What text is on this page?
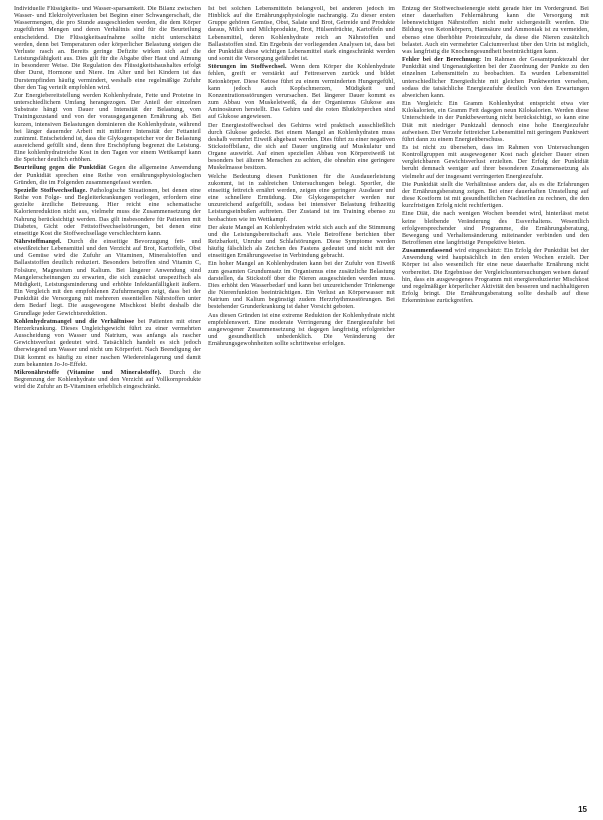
Individuelle Flüssigkeits- und Wasser-sparsamkeit. Die Bilanz zwischen Wasser- und Elektrolytverlusten bei Beginn einer Schwangerschaft, die Wassermengen, die pro Stunde ausgeschieden werden, die dem Körper zugeführten Mengen und deren Verhältnis sind für die Beurteilung entscheidend. Die Flüssigkeitsaufnahme sollte nicht unterschätzt werden, denn bei Temperaturen oder körperlicher Belastung steigen die Verluste rasch an. Bereits geringe Defizite wirken sich auf die Leistungsfähigkeit aus. Dies gilt für die Abgabe über Haut und Atmung in besonderer Weise. Die Regulation des Flüssigkeitshaushaltes erfolgt über Durst, Hormone und Niere. Im Alter und bei Kindern ist das Durstempfinden häufig vermindert, weshalb eine regelmäßige Zufuhr über den Tag verteilt empfohlen wird.

Zur Energiebereitstellung werden Kohlenhydrate, Fette und Proteine in unterschiedlichem Umfang herangezogen. Der Anteil der einzelnen Substrate hängt von Dauer und Intensität der Belastung, vom Trainingszustand und von der vorausgegangenen Ernährung ab. Bei kurzen, intensiven Belastungen dominieren die Kohlenhydrate, während bei länger dauernder Arbeit mit mittlerer Intensität der Fettanteil zunimmt. Entscheidend ist, dass die Glykogenspeicher vor der Belastung ausreichend gefüllt sind, denn ihre Erschöpfung begrenzt die Leistung. Eine kohlenhydratreiche Kost in den Tagen vor einem Wettkampf kann die Speicher deutlich erhöhen.

Beurteilung gegen die Punktdiät Gegen die allgemeine Anwendung der Punktdiät sprechen eine Reihe von ernährungsphysiologischen Gründen, die im Folgenden zusammengefasst werden.

Spezielle Stoffwechsellage. Pathologische Situationen, bei denen eine Reihe von Folge- und Begleiterkrankungen vorliegen, erfordern eine gezielte ärztliche Betreuung. Hier reicht eine schematische Kalorienreduktion nicht aus, vielmehr muss die Zusammensetzung der Nahrung berücksichtigt werden. Das gilt insbesondere für Patienten mit Diabetes, Gicht oder Fettstoffwechselstörungen, bei denen eine einseitige Kost die Stoffwechsellage verschlechtern kann.

Nährstoffmangel. Durch die einseitige Bevorzugung fett- und eiweißreicher Lebensmittel und den Verzicht auf Brot, Kartoffeln, Obst und Gemüse wird die Zufuhr an Vitaminen, Mineralstoffen und Ballaststoffen deutlich reduziert. Besonders betroffen sind Vitamin C, Folsäure, Magnesium und Kalium. Bei längerer Anwendung sind Mangelerscheinungen zu erwarten, die sich zunächst unspezifisch als Müdigkeit, Leistungsminderung und erhöhte Infektanfälligkeit äußern. Ein Vergleich mit den empfohlenen Zufuhrmengen zeigt, dass bei der Punktdiät die Versorgung mit mehreren essentiellen Nährstoffen unter dem Bedarf liegt. Die ausgewogene Mischkost bleibt deshalb die Grundlage jeder Gewichtsreduktion.

Kohlenhydratmangel und die Verhältnisse bei Patienten mit einer Herzerkrankung. Dieses Ungleichgewicht führt zu einer vermehrten Ausscheidung von Wasser und Natrium, was anfangs als rascher Gewichtsverlust gedeutet wird. Tatsächlich handelt es sich jedoch überwiegend um Wasser und nicht um Körperfett. Nach Beendigung der Diät kommt es häufig zu einer raschen Wiedereinlagerung und damit zum bekannten Jo-Jo-Effekt.

Mikronährstoffe (Vitamine und Mineralstoffe). Durch die Begrenzung der Kohlenhydrate und den Verzicht auf Vollkornprodukte wird die Zufuhr an B-Vitaminen erheblich eingeschränkt.

Ist bei solchen Lebensmitteln belangvoll, bei anderen jedoch im Hinblick auf die Ernährungsphysiologie nachrangig. Zu dieser ersten Gruppe gehören Gemüse, Obst, Salate und Brot, Getreide und Produkte daraus, Milch und Milchprodukte, Brot, Hülsenfrüchte, Kartoffeln und Lebensmittel, deren Kohlenhydrate reich an Nährstoffen und Ballaststoffen sind. Ein Ergebnis der vorliegenden Analysen ist, dass bei der Punktdiät diese wichtigen Lebensmittel stark eingeschränkt werden und somit die Versorgung gefährdet ist.

Störungen im Stoffwechsel. Wenn dem Körper die Kohlenhydrate fehlen, greift er verstärkt auf Fettreserven zurück und bildet Ketonkörper. Diese Ketose führt zu einem verminderten Hungergefühl, kann jedoch auch Kopfschmerzen, Müdigkeit und Konzentrationsstörungen verursachen. Bei längerer Dauer kommt es zum Abbau von Muskeleiweiß, da der Organismus Glukose aus Aminosäuren herstellt. Das Gehirn und die roten Blutkörperchen sind auf Glukose angewiesen.

Der Energiestoffwechsel des Gehirns wird praktisch ausschließlich durch Glukose gedeckt. Bei einem Mangel an Kohlenhydraten muss deshalb vermehrt Eiweiß abgebaut werden. Dies führt zu einer negativen Stickstoffbilanz, die sich auf Dauer ungünstig auf Muskulatur und Organe auswirkt. Auf einen speziellen Abbau von Körpereiweiß ist besonders bei älteren Menschen zu achten, die ohnehin eine geringere Muskelmasse besitzen.

Welche Bedeutung diesen Funktionen für die Ausdauerleistung zukommt, ist in zahlreichen Untersuchungen belegt. Sportler, die einseitig fettreich ernährt werden, zeigen eine geringere Ausdauer und eine schnellere Ermüdung. Die Glykogenspeicher werden nur unzureichend aufgefüllt, sodass bei intensiver Belastung frühzeitig Leistungseinbußen auftreten. Der Zustand ist im Training ebenso zu beobachten wie im Wettkampf.

Der akute Mangel an Kohlenhydraten wirkt sich auch auf die Stimmung und die Leistungsbereitschaft aus. Viele Betroffene berichten über Reizbarkeit, Unruhe und Schlafstörungen. Diese Symptome werden häufig fälschlich als Zeichen des Fastens gedeutet und nicht mit der einseitigen Ernährungsweise in Verbindung gebracht.

Ein hoher Mangel an Kohlenhydraten kann bei der Zufuhr von Eiweiß zum gesamten Grundumsatz im Organismus eine zusätzliche Belastung darstellen, da Stickstoff über die Nieren ausgeschieden werden muss. Dies erhöht den Wasserbedarf und kann bei unzureichender Trinkmenge die Nierenfunktion beeinträchtigen. Ein Verlust an Körperwasser mit Natrium und Kalium begünstigt zudem Herzrhythmusstörungen. Bei bestehender Grunderkrankung ist daher Vorsicht geboten.

Aus diesen Gründen ist eine extreme Reduktion der Kohlenhydrate nicht empfehlenswert. Eine moderate Verringerung der Energiezufuhr bei ausgewogener Zusammensetzung ist dagegen langfristig erfolgreicher und gesundheitlich unbedenklich. Die Veränderung der Ernährungsgewohnheiten sollte schrittweise erfolgen.

Entzug der Stoffwechselenergie steht gerade hier im Vordergrund. Bei einer dauerhaften Fehlernährung kann die Versorgung mit lebenswichtigen Nährstoffen nicht mehr sichergestellt werden. Die Bildung von Ketonkörpern, Harnsäure und Ammoniak ist zu vermeiden, ebenso eine überhöhte Proteinzufuhr, da diese die Nieren zusätzlich belastet. Auch ein vermehrter Calciumverlust über den Urin ist möglich, was langfristig die Knochengesundheit beeinträchtigen kann.

Fehler bei der Berechnung: Im Rahmen der Gesamtpunktezahl der Punktdiät sind Ungenauigkeiten bei der Zuordnung der Punkte zu den einzelnen Lebensmitteln zu beobachten. Es wurden Lebensmittel unterschiedlicher Energiedichte mit gleichen Punktwerten versehen, sodass die tatsächliche Energiezufuhr deutlich von den Erwartungen abweichen kann.

Ein Vergleich: Ein Gramm Kohlenhydrat entspricht etwa vier Kilokalorien, ein Gramm Fett dagegen neun Kilokalorien. Werden diese Unterschiede in der Punktbewertung nicht berücksichtigt, so kann eine Diät mit niedriger Punktzahl dennoch eine hohe Energiezufuhr aufweisen. Der Verzehr fettreicher Lebensmittel mit geringem Punktwert führt dann zu einem Energieüberschuss.

Es ist nicht zu übersehen, dass im Rahmen von Untersuchungen Kontrollgruppen mit ausgewogener Kost nach gleicher Dauer einen vergleichbaren Gewichtsverlust erzielten. Der Erfolg der Punktdiät beruht demnach weniger auf ihrer besonderen Zusammensetzung als vielmehr auf der insgesamt verringerten Energiezufuhr.

Die Punktdiät stellt die Verhältnisse anders dar, als es die Erfahrungen der Ernährungsberatung zeigen. Bei einer dauerhaften Umstellung auf diese Kostform ist mit gesundheitlichen Nachteilen zu rechnen, die den kurzfristigen Erfolg nicht rechtfertigen.

Eine Diät, die nach wenigen Wochen beendet wird, hinterlässt meist keine bleibende Veränderung des Essverhaltens. Wesentlich erfolgversprechender sind Programme, die Ernährungsberatung, Bewegung und Verhaltensänderung miteinander verbinden und den Betroffenen eine langfristige Perspektive bieten.

Zusammenfassend wird eingeschätzt: Ein Erfolg der Punktdiät bei der Anwendung wird hauptsächlich in den ersten Wochen erzielt. Der Körper ist also wesentlich für eine neue dauerhafte Ernährung nicht vorbereitet. Die Ergebnisse der Vergleichsuntersuchungen weisen darauf hin, dass ein ausgewogenes Programm mit energiereduzierter Mischkost und regelmäßiger körperlicher Aktivität den besseren und nachhaltigeren Erfolg bringt. Die Ernährungsberatung sollte deshalb auf diese Erkenntnisse zurückgreifen.

15
